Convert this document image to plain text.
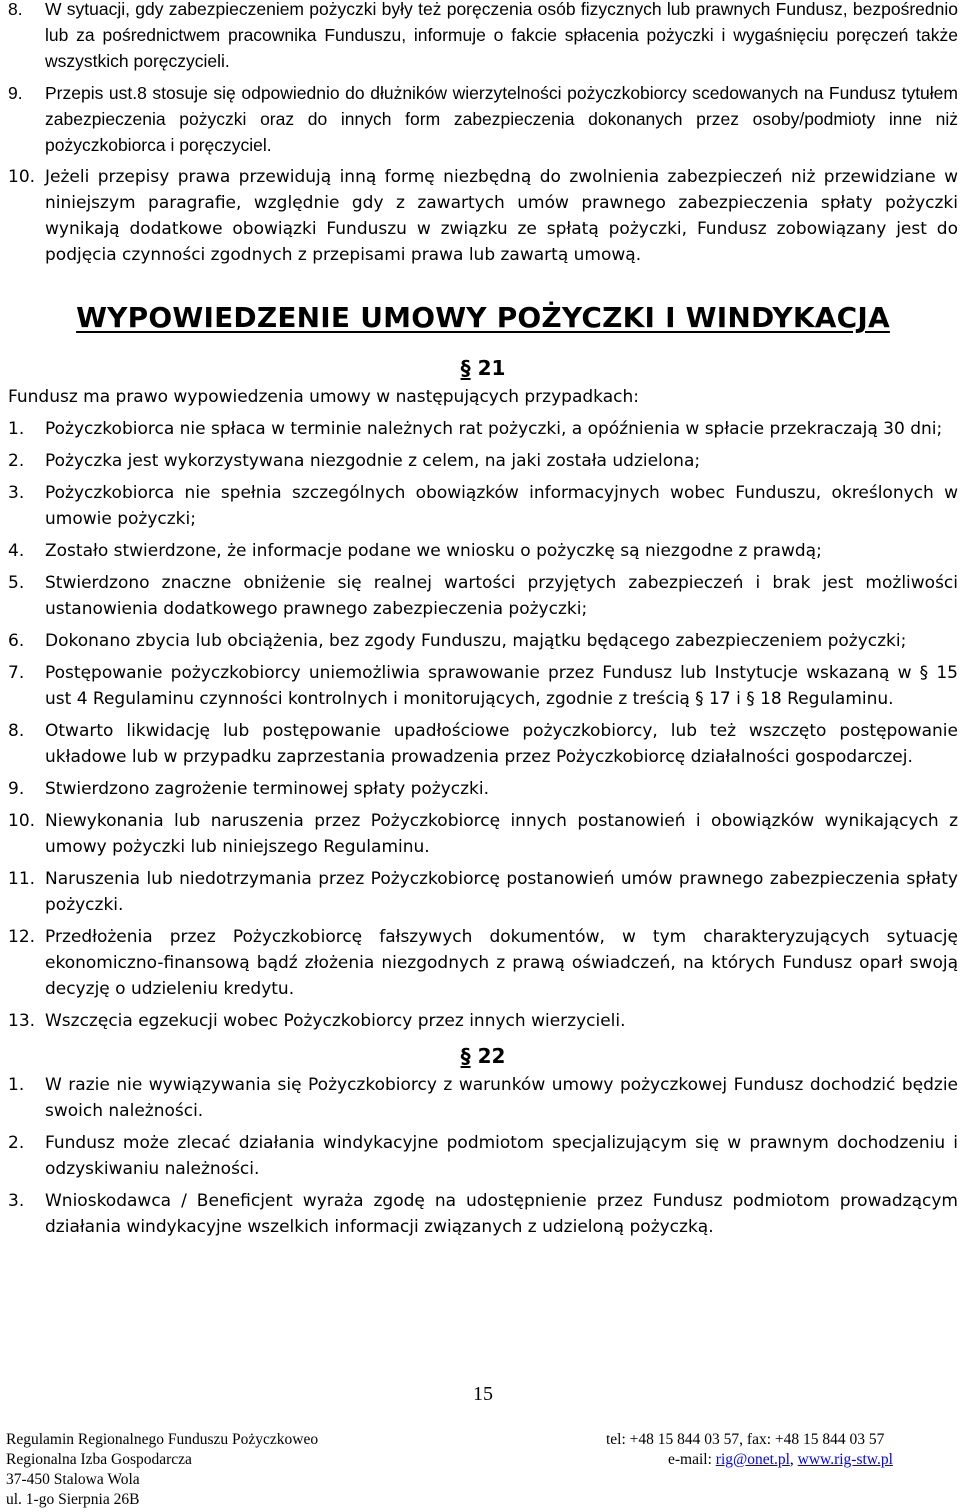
8.	W sytuacji, gdy zabezpieczeniem pożyczki były też poręczenia osób fizycznych lub prawnych Fundusz, bezpośrednio lub za pośrednictwem pracownika Funduszu, informuje o fakcie spłacenia pożyczki i wygaśnięciu poręczeń także wszystkich poręczycieli.
9.	Przepis ust.8 stosuje się odpowiednio do dłużników wierzytelności pożyczkobiorcy scedowanych na Fundusz tytułem zabezpieczenia pożyczki oraz do innych form zabezpieczenia dokonanych przez osoby/podmioty inne niż pożyczkobiorca i poręczyciel.
10. Jeżeli przepisy prawa przewidują inną formę niezbędną do zwolnienia zabezpieczeń niż przewidziane w niniejszym paragrafie, względnie gdy z zawartych umów prawnego zabezpieczenia spłaty pożyczki wynikają dodatkowe obowiązki Funduszu w związku ze spłatą pożyczki, Fundusz zobowiązany jest do podjęcia czynności zgodnych z przepisami prawa lub zawartą umową.
WYPOWIEDZENIE UMOWY POŻYCZKI I WINDYKACJA
§ 21
Fundusz ma prawo wypowiedzenia umowy w następujących przypadkach:
1.	Pożyczkobiorca nie spłaca w terminie należnych rat pożyczki, a opóźnienia w spłacie przekraczają 30 dni;
2.	Pożyczka jest wykorzystywana niezgodnie z celem, na jaki została udzielona;
3.	Pożyczkobiorca nie spełnia szczególnych obowiązków informacyjnych wobec Funduszu, określonych w umowie pożyczki;
4.	Zostało stwierdzone, że informacje podane we wniosku o pożyczkę są niezgodne z prawdą;
5.	Stwierdzono znaczne obniżenie się realnej wartości przyjętych zabezpieczeń i brak jest możliwości ustanowienia dodatkowego prawnego zabezpieczenia pożyczki;
6.	Dokonano zbycia lub obciążenia, bez zgody Funduszu, majątku będącego zabezpieczeniem pożyczki;
7.	Postępowanie pożyczkobiorcy uniemożliwia sprawowanie przez Fundusz lub Instytucje wskazaną w § 15 ust 4 Regulaminu czynności kontrolnych i monitorujących, zgodnie z treścią § 17 i § 18 Regulaminu.
8.	Otwarto likwidację lub postępowanie upadłościowe pożyczkobiorcy, lub też wszczęto postępowanie układowe lub w przypadku zaprzestania prowadzenia przez Pożyczkobiorcę działalności gospodarczej.
9.	Stwierdzono zagrożenie terminowej spłaty pożyczki.
10. Niewykonania lub naruszenia przez Pożyczkobiorcę innych postanowień i obowiązków wynikających z umowy pożyczki lub niniejszego Regulaminu.
11. Naruszenia lub niedotrzymania przez Pożyczkobiorcę postanowień umów prawnego zabezpieczenia spłaty pożyczki.
12. Przedłożenia przez Pożyczkobiorcę fałszywych dokumentów, w tym charakteryzujących sytuację ekonomiczno-finansową bądź złożenia niezgodnych z prawą oświadczeń, na których Fundusz oparł swoją decyzję o udzieleniu kredytu.
13. Wszczęcia egzekucji wobec Pożyczkobiorcy przez innych wierzycieli.
§ 22
1.	W razie nie wywiązywania się Pożyczkobiorcy z warunków umowy pożyczkowej Fundusz dochodzić będzie swoich należności.
2.	Fundusz może zlecać działania windykacyjne podmiotom specjalizującym się w prawnym dochodzeniu i odzyskiwaniu należności.
3.	Wnioskodawca / Beneficjent wyraża zgodę na udostępnienie przez Fundusz podmiotom prowadzącym działania windykacyjne wszelkich informacji związanych z udzieloną pożyczką.
15
Regulamin Regionalnego Funduszu Pożyczkoweo
Regionalna Izba Gospodarcza
37-450 Stalowa Wola
ul. 1-go Sierpnia 26B
tel: +48 15 844 03 57, fax: +48 15 844 03 57
e-mail: rig@onet.pl, www.rig-stw.pl
